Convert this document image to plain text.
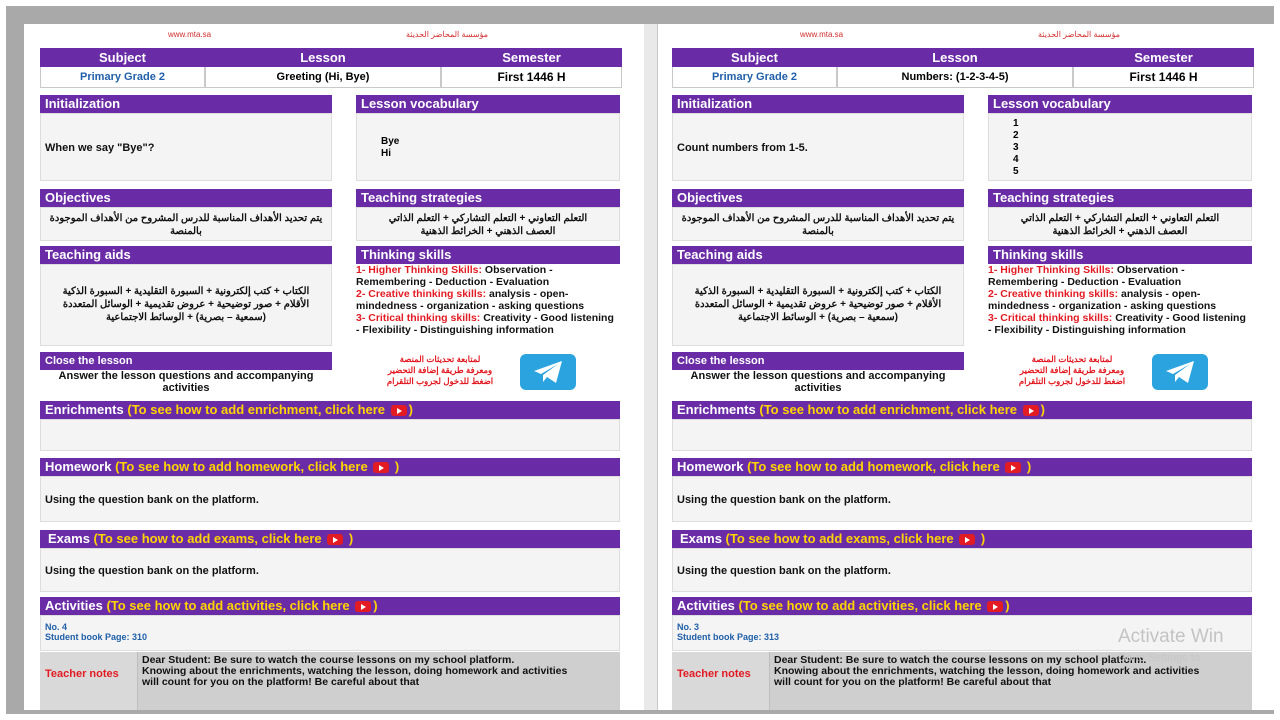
www.mta.sa	مؤسسة المحاضر الحديثة
Subject
Primary Grade 2
Lesson
Greeting (Hi, Bye)
Semester
First 1446 H
Initialization
When we say "Bye"?
Lesson vocabulary
Bye
Hi
Objectives
يتم تحديد الأهداف المناسبة للدرس المشروح من الأهداف الموجودة
بالمنصة
Teaching strategies
التعلم التعاوني + التعلم التشاركي + التعلم الذاتي
العصف الذهني + الخرائط الذهنية
Teaching aids
الكتاب + كتب إلكترونية + السبورة التقليدية + السبورة الذكية
الأقلام + صور توضيحية + عروض تقديمية + الوسائل المتعددة
(سمعية – بصرية) + الوسائط الاجتماعية
Thinking skills
1- Higher Thinking Skills: Observation - Remembering - Deduction - Evaluation
2- Creative thinking skills: analysis - open-mindedness - organization - asking questions
3- Critical thinking skills: Creativity - Good listening - Flexibility - Distinguishing information
Close the lesson
Answer the lesson questions and accompanying activities
لمتابعة تحديثات المنصة
ومعرفة طريقة إضافة التحضير
اضغط للدخول لجروب التلقرام
Enrichments (To see how to add enrichment, click here )
Homework (To see how to add homework, click here  )
Using the question bank on the platform.
Exams (To see how to add exams, click here  )
Using the question bank on the platform.
Activities (To see how to add activities, click here )
No. 4
Student book Page: 310
Teacher notes
Dear Student: Be sure to watch the course lessons on my school platform.
Knowing about the enrichments, watching the lesson, doing homework and activities
will count for you on the platform! Be careful about that
www.mta.sa	مؤسسة المحاضر الحديثة
Subject
Primary Grade 2
Lesson
Numbers: (1-2-3-4-5)
Semester
First 1446 H
Initialization
Count numbers from 1-5.
Lesson vocabulary
1
2
3
4
5
Objectives
يتم تحديد الأهداف المناسبة للدرس المشروح من الأهداف الموجودة
بالمنصة
Teaching strategies
التعلم التعاوني + التعلم التشاركي + التعلم الذاتي
العصف الذهني + الخرائط الذهنية
Teaching aids
الكتاب + كتب إلكترونية + السبورة التقليدية + السبورة الذكية
الأقلام + صور توضيحية + عروض تقديمية + الوسائل المتعددة
(سمعية – بصرية) + الوسائط الاجتماعية
Thinking skills
1- Higher Thinking Skills: Observation - Remembering - Deduction - Evaluation
2- Creative thinking skills: analysis - open-mindedness - organization - asking questions
3- Critical thinking skills: Creativity - Good listening - Flexibility - Distinguishing information
Close the lesson
Answer the lesson questions and accompanying activities
لمتابعة تحديثات المنصة
ومعرفة طريقة إضافة التحضير
اضغط للدخول لجروب التلقرام
Enrichments (To see how to add enrichment, click here )
Homework (To see how to add homework, click here  )
Using the question bank on the platform.
Exams (To see how to add exams, click here  )
Using the question bank on the platform.
Activities (To see how to add activities, click here )
No. 3
Student book Page: 313
Teacher notes
Dear Student: Be sure to watch the course lessons on my school platform.
Knowing about the enrichments, watching the lesson, doing homework and activities
will count for you on the platform! Be careful about that
Activate Win
Go to Settings to
